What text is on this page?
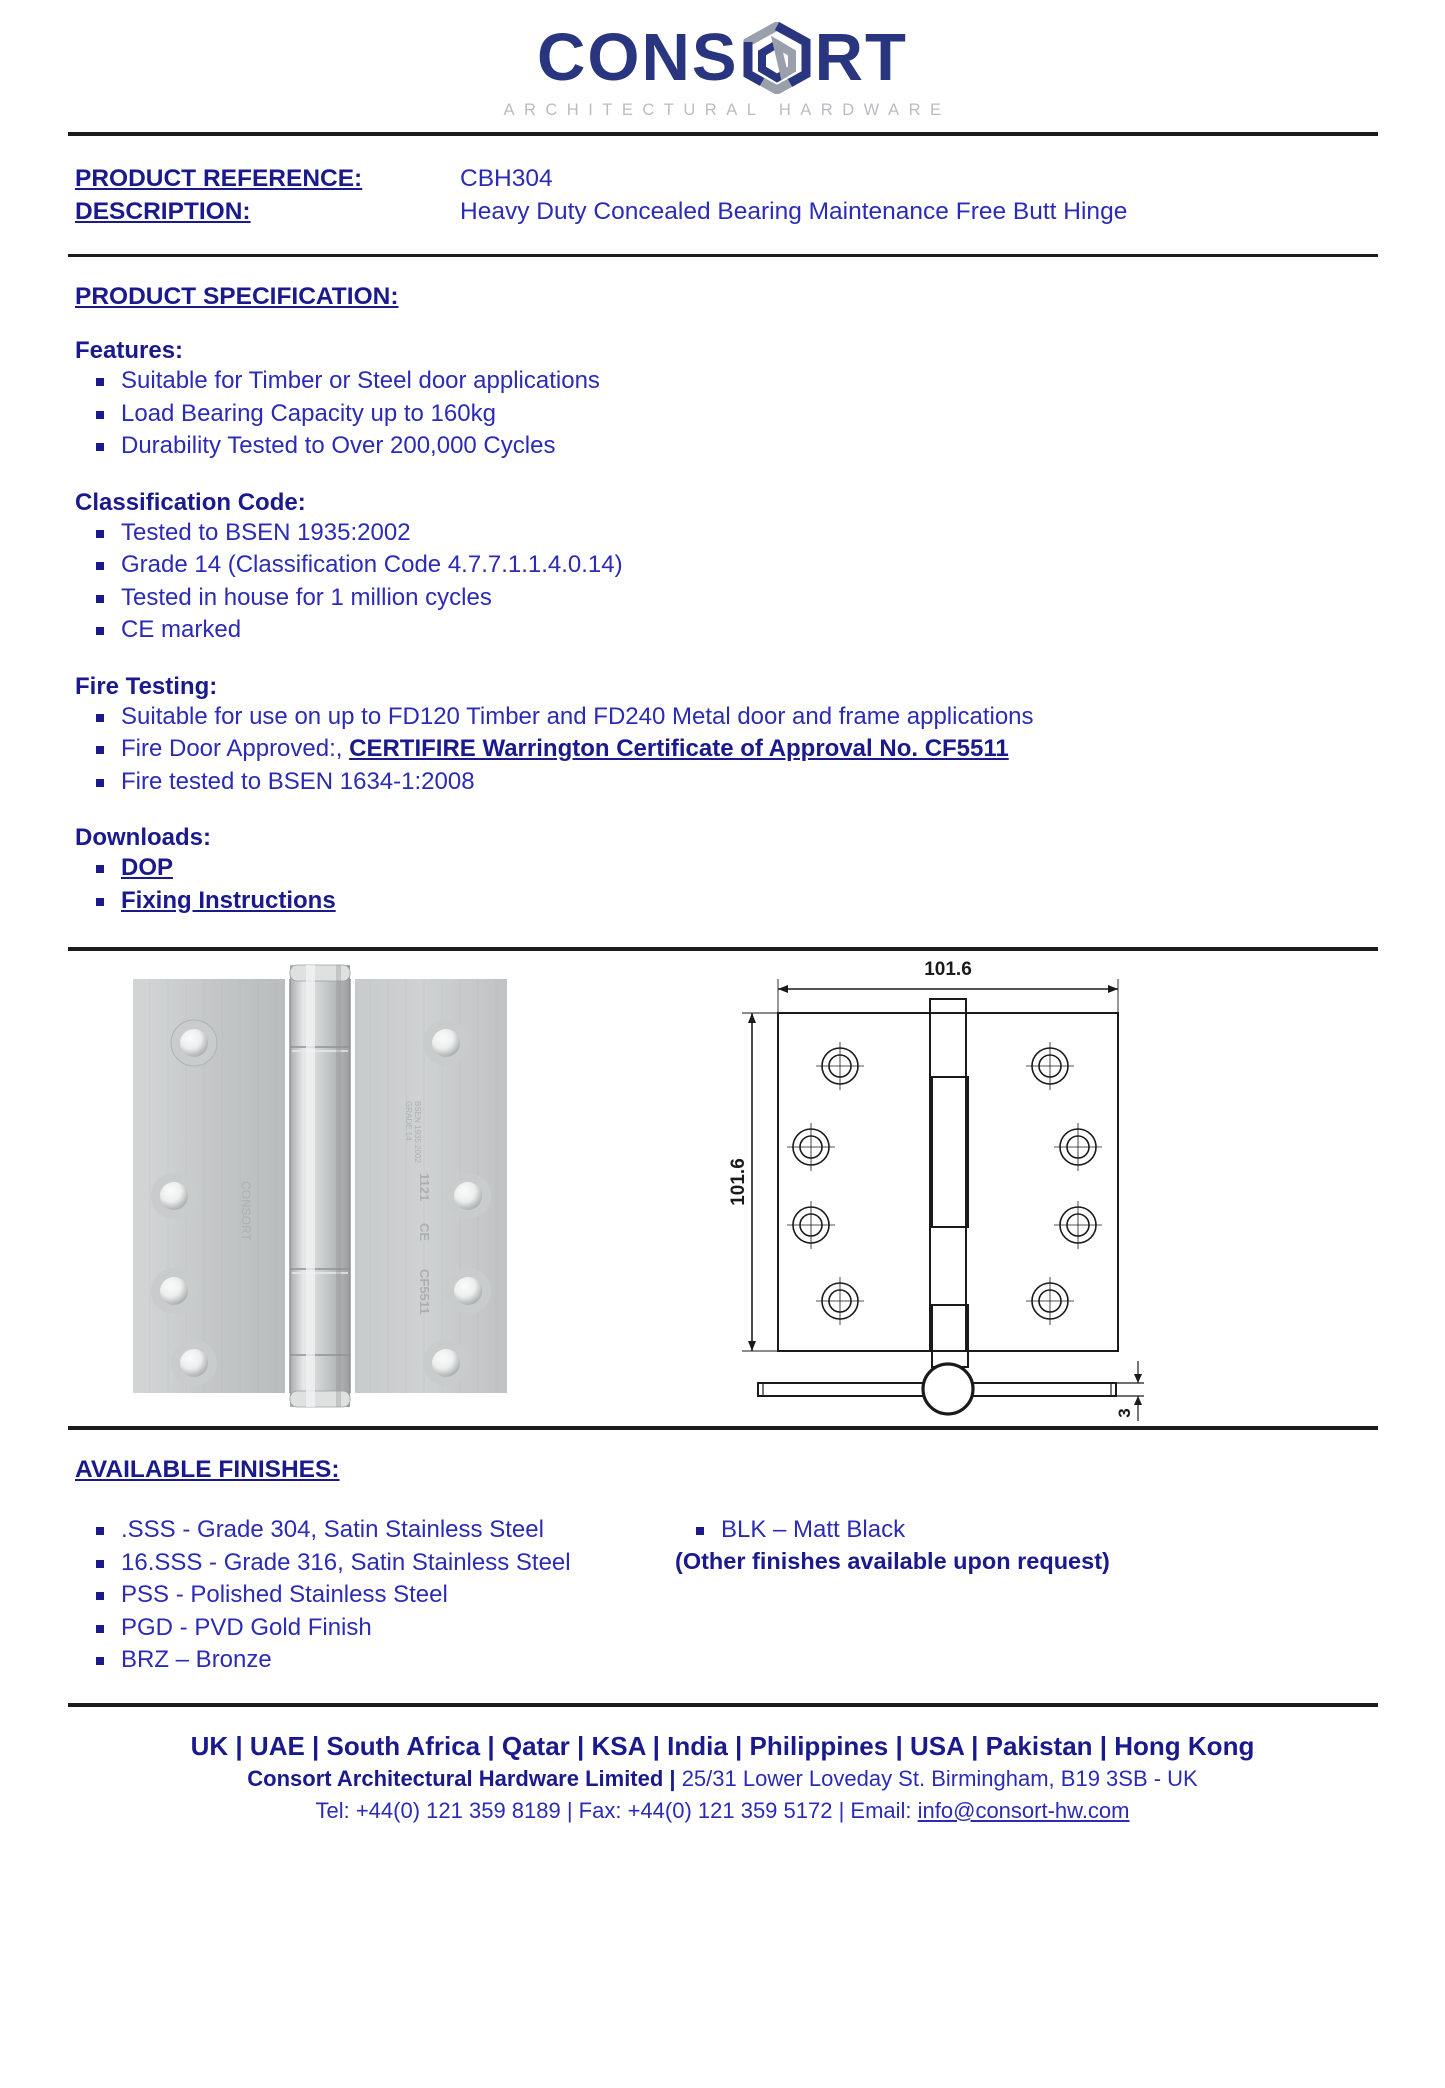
CONS RT
ARCHITECTURAL HARDWARE
PRODUCT REFERENCE:	CBH304
DESCRIPTION:	Heavy Duty Concealed Bearing Maintenance Free Butt Hinge
PRODUCT SPECIFICATION:
Features:
Suitable for Timber or Steel door applications
Load Bearing Capacity up to 160kg
Durability Tested to Over 200,000 Cycles
Classification Code:
Tested to BSEN 1935:2002
Grade 14 (Classification Code 4.7.7.1.1.4.0.14)
Tested in house for 1 million cycles
CE marked
Fire Testing:
Suitable for use on up to FD120 Timber and FD240 Metal door and frame applications
Fire Door Approved:, CERTIFIRE Warrington Certificate of Approval No. CF5511
Fire tested to BSEN 1634-1:2008
Downloads:
DOP
Fixing Instructions
BSEN 1935:2002
GRADE 14
1121
CE
CF5511
CONSORT
101.6
101.6
3
AVAILABLE FINISHES:
.SSS - Grade 304, Satin Stainless Steel
16.SSS - Grade 316, Satin Stainless Steel
PSS - Polished Stainless Steel
PGD - PVD Gold Finish
BRZ – Bronze
BLK – Matt Black
(Other finishes available upon request)
UK | UAE | South Africa | Qatar | KSA | India | Philippines | USA | Pakistan | Hong Kong
Consort Architectural Hardware Limited | 25/31 Lower Loveday St. Birmingham, B19 3SB - UK
Tel: +44(0) 121 359 8189 | Fax: +44(0) 121 359 5172 | Email: info@consort-hw.com
